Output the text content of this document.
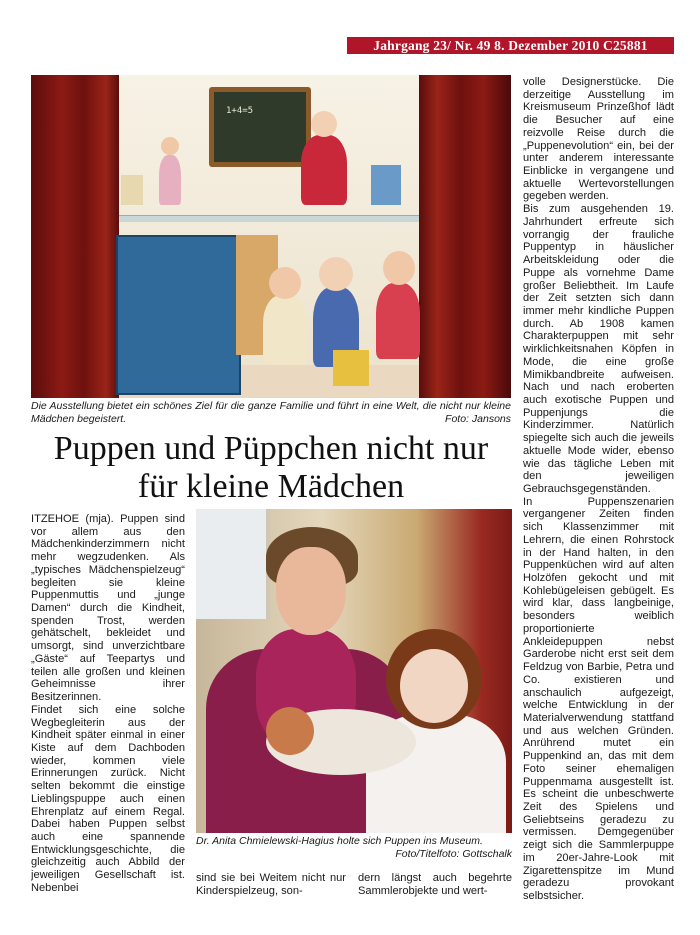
Jahrgang 23/ Nr. 49 8. Dezember 2010 C25881
1+4=5
Die Ausstellung bietet ein schönes Ziel für die ganze Familie und führt in eine Welt, die nicht nur kleine Mädchen begeistert.	Foto: Jansons
Puppen und Püppchen nicht nur für kleine Mädchen

ITZEHOE (mja). Puppen sind vor allem aus den Mädchenkinderzimmern nicht mehr wegzudenken. Als „typisches Mädchenspielzeug“ begleiten sie kleine Puppenmuttis und „junge Damen“ durch die Kindheit, spenden Trost, werden gehätschelt, bekleidet und umsorgt, sind unverzichtbare „Gäste“ auf Teepartys und teilen alle großen und kleinen Geheimnisse ihrer Besitzerinnen.

Findet sich eine solche Wegbegleiterin aus der Kindheit später einmal in einer Kiste auf dem Dachboden wieder, kommen viele Erinnerungen zurück. Nicht selten bekommt die einstige Lieblingspuppe auch einen Ehrenplatz auf einem Regal. Dabei haben Puppen selbst auch eine spannende Entwicklungsgeschichte, die gleichzeitig auch Abbild der jeweiligen Gesellschaft ist. Nebenbei

Dr. Anita Chmielewski-Hagius holte sich Puppen ins Museum.
Foto/Titelfoto: Gottschalk

sind sie bei Weitem nicht nur Kinderspielzeug, son-

dern längst auch begehrte Sammlerobjekte und wert-

volle Designerstücke. Die derzeitige Ausstellung im Kreismuseum Prinzeßhof lädt die Besucher auf eine reizvolle Reise durch die „Puppenevolution“ ein, bei der unter anderem interessante Einblicke in vergangene und aktuelle Wertevorstellungen gegeben werden.

Bis zum ausgehenden 19. Jahrhundert erfreute sich vorrangig der frauliche Puppentyp in häuslicher Arbeitskleidung oder die Puppe als vornehme Dame großer Beliebtheit. Im Laufe der Zeit setzten sich dann immer mehr kindliche Puppen durch. Ab 1908 kamen Charakterpuppen mit sehr wirklichkeitsnahen Köpfen in Mode, die eine große Mimikbandbreite aufweisen. Nach und nach eroberten auch exotische Puppen und Puppenjungs die Kinderzimmer. Natürlich spiegelte sich auch die jeweils aktuelle Mode wider, ebenso wie das tägliche Leben mit den jeweiligen Gebrauchsgegenständen.

In Puppenszenarien vergangener Zeiten finden sich Klassenzimmer mit Lehrern, die einen Rohrstock in der Hand halten, in den Puppenküchen wird auf alten Holzöfen gekocht und mit Kohlebügeleisen gebügelt. Es wird klar, dass langbeinige, besonders weiblich proportionierte Ankleidepuppen nebst Garderobe nicht erst seit dem Feldzug von Barbie, Petra und Co. existieren und anschaulich aufgezeigt, welche Entwicklung in der Materialverwendung stattfand und aus welchen Gründen. Anrührend mutet ein Puppenkind an, das mit dem Foto seiner ehemaligen Puppenmama ausgestellt ist. Es scheint die unbeschwerte Zeit des Spielens und Geliebtseins geradezu zu vermissen. Demgegenüber zeigt sich die Sammlerpuppe im 20er-Jahre-Look mit Zigarettenspitze im Mund geradezu provokant selbstsicher.
